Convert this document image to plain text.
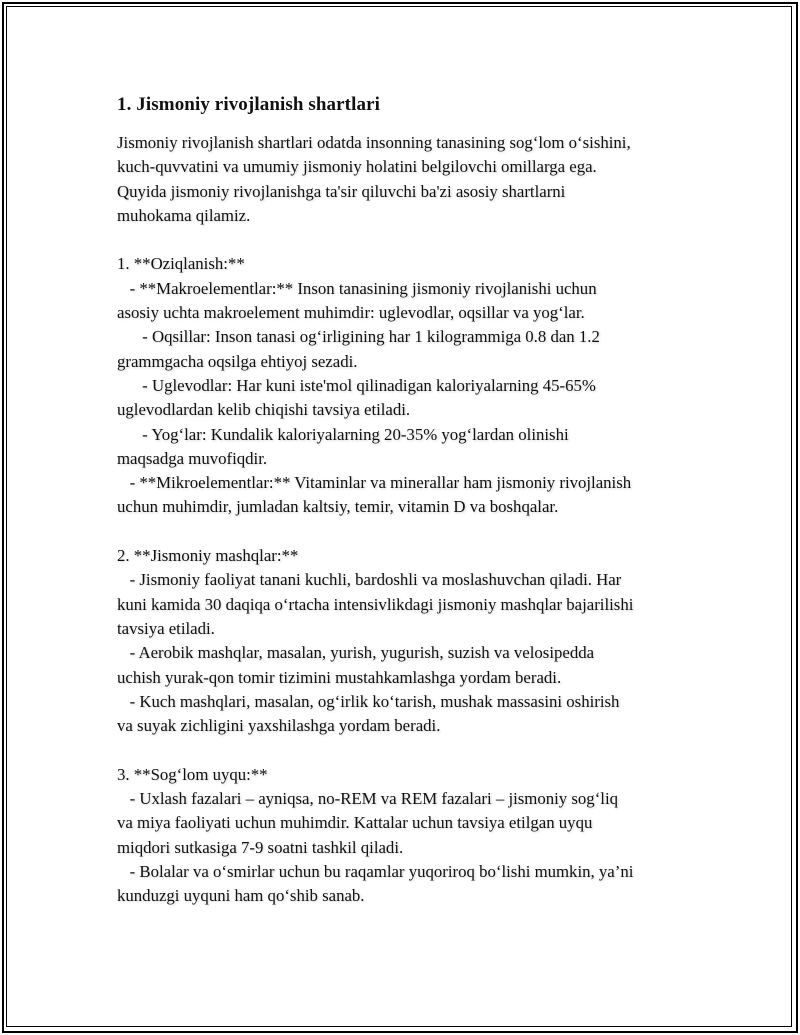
1. Jismoniy rivojlanish shartlari
Jismoniy rivojlanish shartlari odatda insonning tanasining sog‘lom o‘sishini,
kuch-quvvatini va umumiy jismoniy holatini belgilovchi omillarga ega.
Quyida jismoniy rivojlanishga ta'sir qiluvchi ba'zi asosiy shartlarni
muhokama qilamiz.

1. **Oziqlanish:**
- **Makroelementlar:** Inson tanasining jismoniy rivojlanishi uchun
asosiy uchta makroelement muhimdir: uglevodlar, oqsillar va yog‘lar.
- Oqsillar: Inson tanasi og‘irligining har 1 kilogrammiga 0.8 dan 1.2
grammgacha oqsilga ehtiyoj sezadi.
- Uglevodlar: Har kuni iste'mol qilinadigan kaloriyalarning 45-65%
uglevodlardan kelib chiqishi tavsiya etiladi.
- Yog‘lar: Kundalik kaloriyalarning 20-35% yog‘lardan olinishi
maqsadga muvofiqdir.
- **Mikroelementlar:** Vitaminlar va minerallar ham jismoniy rivojlanish
uchun muhimdir, jumladan kaltsiy, temir, vitamin D va boshqalar.

2. **Jismoniy mashqlar:**
- Jismoniy faoliyat tanani kuchli, bardoshli va moslashuvchan qiladi. Har
kuni kamida 30 daqiqa o‘rtacha intensivlikdagi jismoniy mashqlar bajarilishi
tavsiya etiladi.
- Aerobik mashqlar, masalan, yurish, yugurish, suzish va velosipedda
uchish yurak-qon tomir tizimini mustahkamlashga yordam beradi.
- Kuch mashqlari, masalan, og‘irlik ko‘tarish, mushak massasini oshirish
va suyak zichligini yaxshilashga yordam beradi.

3. **Sog‘lom uyqu:**
- Uxlash fazalari – ayniqsa, no-REM va REM fazalari – jismoniy sog‘liq
va miya faoliyati uchun muhimdir. Kattalar uchun tavsiya etilgan uyqu
miqdori sutkasiga 7-9 soatni tashkil qiladi.
- Bolalar va o‘smirlar uchun bu raqamlar yuqoriroq bo‘lishi mumkin, ya’ni
kunduzgi uyquni ham qo‘shib sanab.
